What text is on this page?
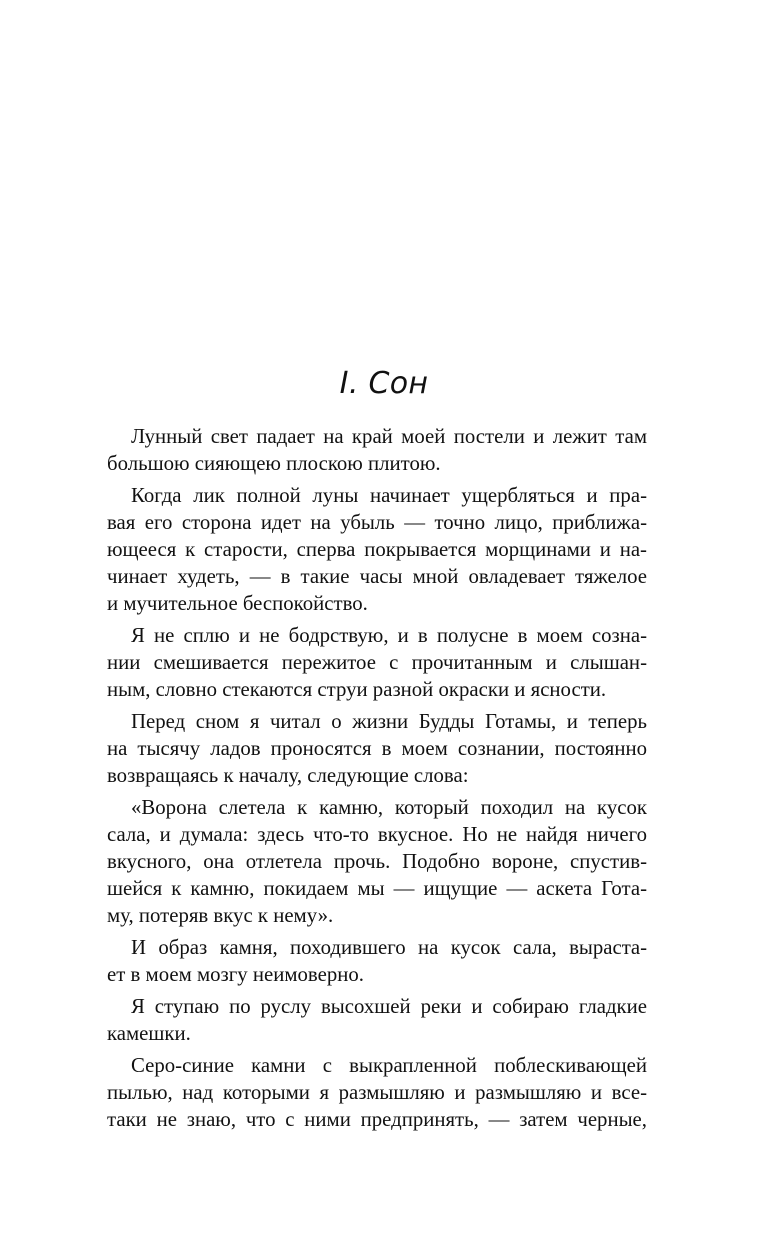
I. Сон
Лунный свет падает на край моей постели и лежит там
большою сияющею плоскою плитою.
Когда лик полной луны начинает ущербляться и пра-
вая его сторона идет на убыль — точно лицо, приближа-
ющееся к старости, сперва покрывается морщинами и на-
чинает худеть, — в такие часы мной овладевает тяжелое
и мучительное беспокойство.
Я не сплю и не бодрствую, и в полусне в моем созна-
нии смешивается пережитое с прочитанным и слышан-
ным, словно стекаются струи разной окраски и ясности.
Перед сном я читал о жизни Будды Готамы, и теперь
на тысячу ладов проносятся в моем сознании, постоянно
возвращаясь к началу, следующие слова:
«Ворона слетела к камню, который походил на кусок
сала, и думала: здесь что-то вкусное. Но не найдя ничего
вкусного, она отлетела прочь. Подобно вороне, спустив-
шейся к камню, покидаем мы — ищущие — аскета Гота-
му, потеряв вкус к нему».
И образ камня, походившего на кусок сала, вырастa-
ет в моем мозгу неимоверно.
Я ступаю по руслу высохшей реки и собираю гладкие
камешки.
Серо-синие камни с выкрапленной поблескивающей
пылью, над которыми я размышляю и размышляю и все-
таки не знаю, что с ними предпринять, — затем черные,
